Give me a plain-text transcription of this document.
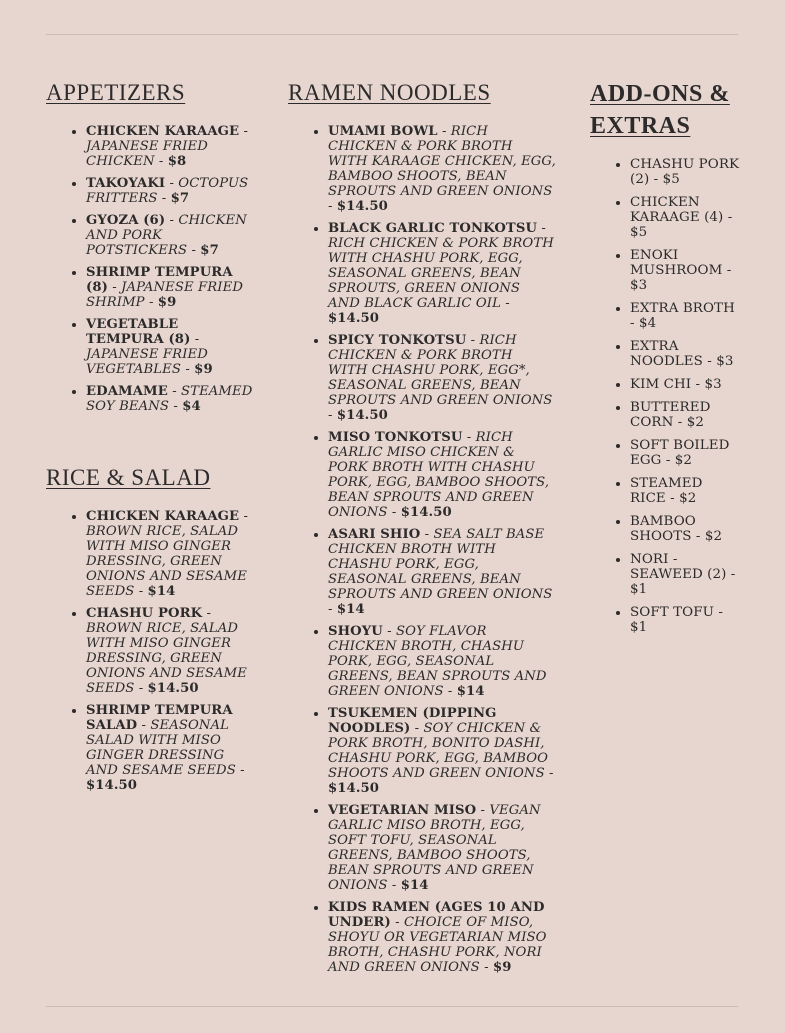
APPETIZERS
• CHICKEN KARAAGE - JAPANESE FRIED CHICKEN - $8
• TAKOYAKI - OCTOPUS FRITTERS - $7
• GYOZA (6) - CHICKEN AND PORK POTSTICKERS - $7
• SHRIMP TEMPURA (8) - JAPANESE FRIED SHRIMP - $9
• VEGETABLE TEMPURA (8) - JAPANESE FRIED VEGETABLES - $9
• EDAMAME - STEAMED SOY BEANS - $4
RICE & SALAD
• CHICKEN KARAAGE - BROWN RICE, SALAD WITH MISO GINGER DRESSING, GREEN ONIONS AND SESAME SEEDS - $14
• CHASHU PORK - BROWN RICE, SALAD WITH MISO GINGER DRESSING, GREEN ONIONS AND SESAME SEEDS - $14.50
• SHRIMP TEMPURA SALAD - SEASONAL SALAD WITH MISO GINGER DRESSING AND SESAME SEEDS - $14.50
RAMEN NOODLES
• UMAMI BOWL - RICH CHICKEN & PORK BROTH WITH KARAAGE CHICKEN, EGG, BAMBOO SHOOTS, BEAN SPROUTS AND GREEN ONIONS - $14.50
• BLACK GARLIC TONKOTSU - RICH CHICKEN & PORK BROTH WITH CHASHU PORK, EGG, SEASONAL GREENS, BEAN SPROUTS, GREEN ONIONS AND BLACK GARLIC OIL - $14.50
• SPICY TONKOTSU - RICH CHICKEN & PORK BROTH WITH CHASHU PORK, EGG*, SEASONAL GREENS, BEAN SPROUTS AND GREEN ONIONS - $14.50
• MISO TONKOTSU - RICH GARLIC MISO CHICKEN & PORK BROTH WITH CHASHU PORK, EGG, BAMBOO SHOOTS, BEAN SPROUTS AND GREEN ONIONS - $14.50
• ASARI SHIO - SEA SALT BASE CHICKEN BROTH WITH CHASHU PORK, EGG, SEASONAL GREENS, BEAN SPROUTS AND GREEN ONIONS - $14
• SHOYU - SOY FLAVOR CHICKEN BROTH, CHASHU PORK, EGG, SEASONAL GREENS, BEAN SPROUTS AND GREEN ONIONS - $14
• TSUKEMEN (DIPPING NOODLES) - SOY CHICKEN & PORK BROTH, BONITO DASHI, CHASHU PORK, EGG, BAMBOO SHOOTS AND GREEN ONIONS - $14.50
• VEGETARIAN MISO - VEGAN GARLIC MISO BROTH, EGG, SOFT TOFU, SEASONAL GREENS, BAMBOO SHOOTS, BEAN SPROUTS AND GREEN ONIONS - $14
• KIDS RAMEN (AGES 10 AND UNDER) - CHOICE OF MISO, SHOYU OR VEGETARIAN MISO BROTH, CHASHU PORK, NORI AND GREEN ONIONS - $9
ADD-ONS & EXTRAS
• CHASHU PORK (2) - $5
• CHICKEN KARAAGE (4) - $5
• ENOKI MUSHROOM - $3
• EXTRA BROTH - $4
• EXTRA NOODLES - $3
• KIM CHI - $3
• BUTTERED CORN - $2
• SOFT BOILED EGG - $2
• STEAMED RICE - $2
• BAMBOO SHOOTS - $2
• NORI - SEAWEED (2) - $1
• SOFT TOFU - $1
